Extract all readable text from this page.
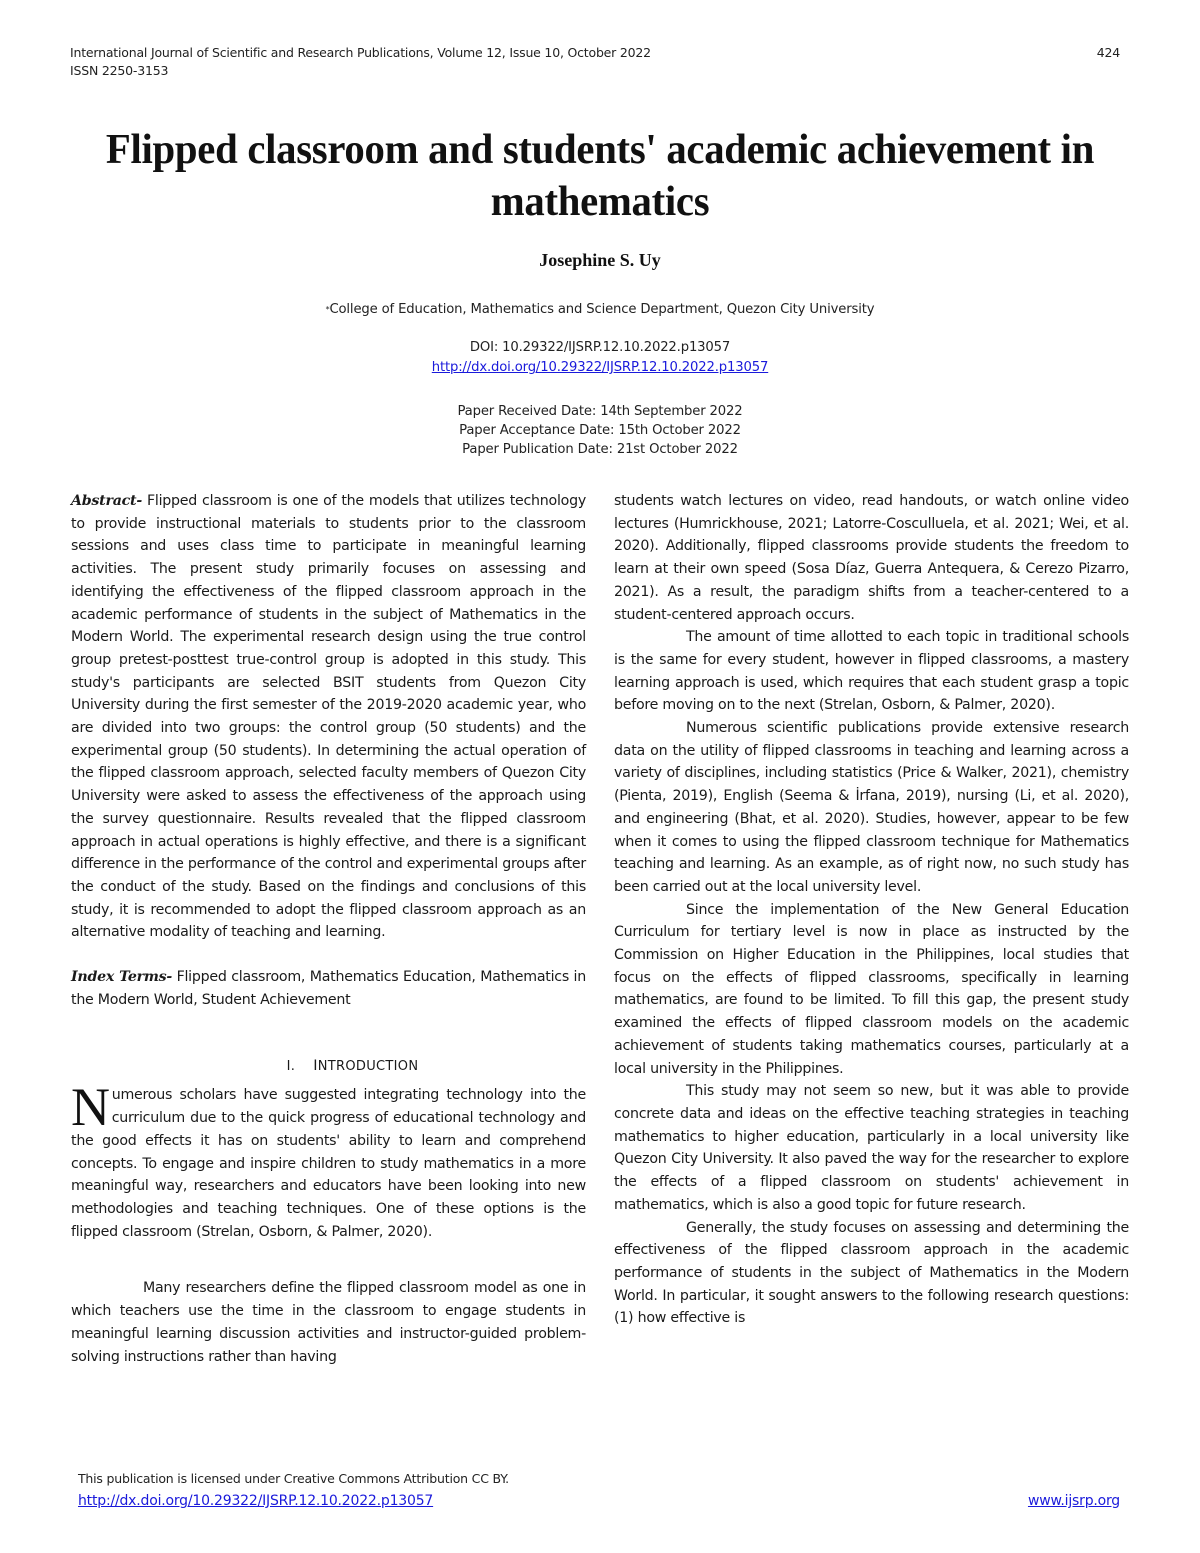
International Journal of Scientific and Research Publications, Volume 12, Issue 10, October 2022
ISSN 2250-3153
424
Flipped classroom and students' academic achievement in mathematics
Josephine S. Uy
*College of Education, Mathematics and Science Department, Quezon City University
DOI: 10.29322/IJSRP.12.10.2022.p13057
http://dx.doi.org/10.29322/IJSRP.12.10.2022.p13057
Paper Received Date: 14th September 2022
Paper Acceptance Date: 15th October 2022
Paper Publication Date: 21st October 2022

Abstract- Flipped classroom is one of the models that utilizes technology to provide instructional materials to students prior to the classroom sessions and uses class time to participate in meaningful learning activities. The present study primarily focuses on assessing and identifying the effectiveness of the flipped classroom approach in the academic performance of students in the subject of Mathematics in the Modern World. The experimental research design using the true control group pretest-posttest true-control group is adopted in this study. This study's participants are selected BSIT students from Quezon City University during the first semester of the 2019-2020 academic year, who are divided into two groups: the control group (50 students) and the experimental group (50 students). In determining the actual operation of the flipped classroom approach, selected faculty members of Quezon City University were asked to assess the effectiveness of the approach using the survey questionnaire. Results revealed that the flipped classroom approach in actual operations is highly effective, and there is a significant difference in the performance of the control and experimental groups after the conduct of the study. Based on the findings and conclusions of this study, it is recommended to adopt the flipped classroom approach as an alternative modality of teaching and learning.

Index Terms- Flipped classroom, Mathematics Education, Mathematics in the Modern World, Student Achievement

I. INTRODUCTION

Numerous scholars have suggested integrating technology into the curriculum due to the quick progress of educational technology and the good effects it has on students' ability to learn and comprehend concepts. To engage and inspire children to study mathematics in a more meaningful way, researchers and educators have been looking into new methodologies and teaching techniques. One of these options is the flipped classroom (Strelan, Osborn, & Palmer, 2020).

Many researchers define the flipped classroom model as one in which teachers use the time in the classroom to engage students in meaningful learning discussion activities and instructor-guided problem-solving instructions rather than having

students watch lectures on video, read handouts, or watch online video lectures (Humrickhouse, 2021; Latorre-Cosculluela, et al. 2021; Wei, et al. 2020). Additionally, flipped classrooms provide students the freedom to learn at their own speed (Sosa Díaz, Guerra Antequera, & Cerezo Pizarro, 2021). As a result, the paradigm shifts from a teacher-centered to a student-centered approach occurs.

The amount of time allotted to each topic in traditional schools is the same for every student, however in flipped classrooms, a mastery learning approach is used, which requires that each student grasp a topic before moving on to the next (Strelan, Osborn, & Palmer, 2020).

Numerous scientific publications provide extensive research data on the utility of flipped classrooms in teaching and learning across a variety of disciplines, including statistics (Price & Walker, 2021), chemistry (Pienta, 2019), English (Seema & İrfana, 2019), nursing (Li, et al. 2020), and engineering (Bhat, et al. 2020). Studies, however, appear to be few when it comes to using the flipped classroom technique for Mathematics teaching and learning. As an example, as of right now, no such study has been carried out at the local university level.

Since the implementation of the New General Education Curriculum for tertiary level is now in place as instructed by the Commission on Higher Education in the Philippines, local studies that focus on the effects of flipped classrooms, specifically in learning mathematics, are found to be limited. To fill this gap, the present study examined the effects of flipped classroom models on the academic achievement of students taking mathematics courses, particularly at a local university in the Philippines.

This study may not seem so new, but it was able to provide concrete data and ideas on the effective teaching strategies in teaching mathematics to higher education, particularly in a local university like Quezon City University. It also paved the way for the researcher to explore the effects of a flipped classroom on students' achievement in mathematics, which is also a good topic for future research.

Generally, the study focuses on assessing and determining the effectiveness of the flipped classroom approach in the academic performance of students in the subject of Mathematics in the Modern World. In particular, it sought answers to the following research questions: (1) how effective is

This publication is licensed under Creative Commons Attribution CC BY.
http://dx.doi.org/10.29322/IJSRP.12.10.2022.p13057	www.ijsrp.org
